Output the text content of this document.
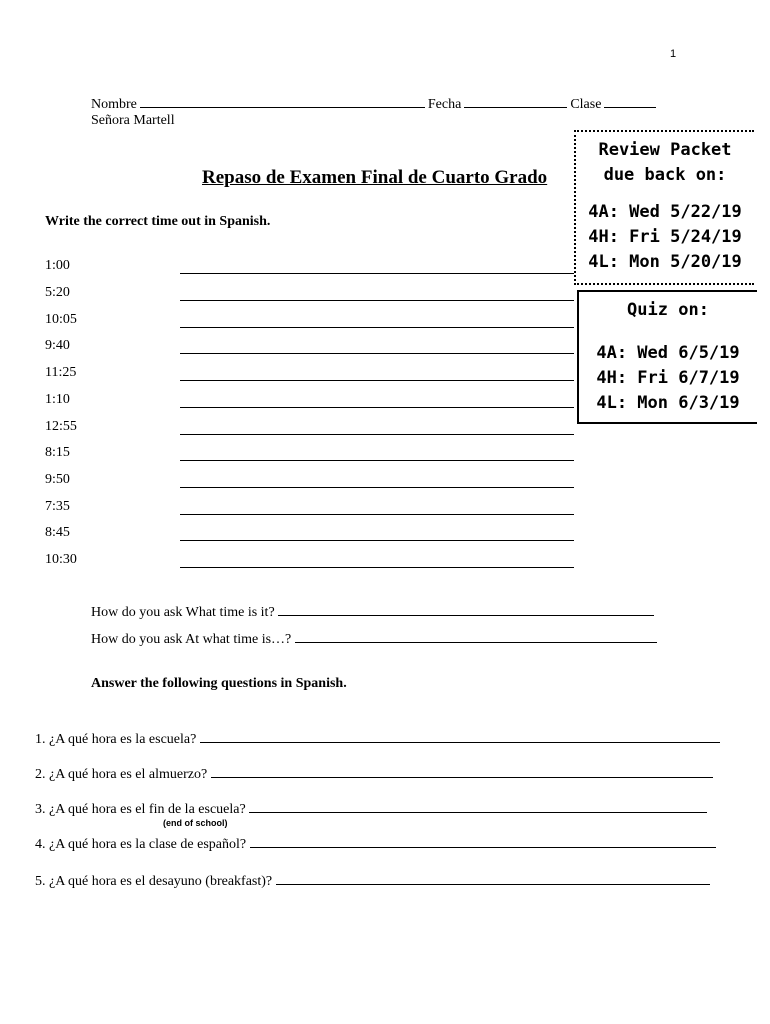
1
Nombre	Fecha	Clase
Señora Martell
Repaso de Examen Final de Cuarto Grado
Review Packet
due back on:
4A: Wed 5/22/19
4H: Fri 5/24/19
4L: Mon 5/20/19
Quiz on:
4A: Wed 6/5/19
4H: Fri 6/7/19
4L: Mon 6/3/19
Write the correct time out in Spanish.
1:00
5:20
10:05
9:40
11:25
1:10
12:55
8:15
9:50
7:35
8:45
10:30
How do you ask What time is it?
How do you ask At what time is…?
Answer the following questions in Spanish.
1. ¿A qué hora es la escuela?
2. ¿A qué hora es el almuerzo?
3. ¿A qué hora es el fin de la escuela?
(end of school)
4. ¿A qué hora es la clase de español?
5. ¿A qué hora es el desayuno (breakfast)?
